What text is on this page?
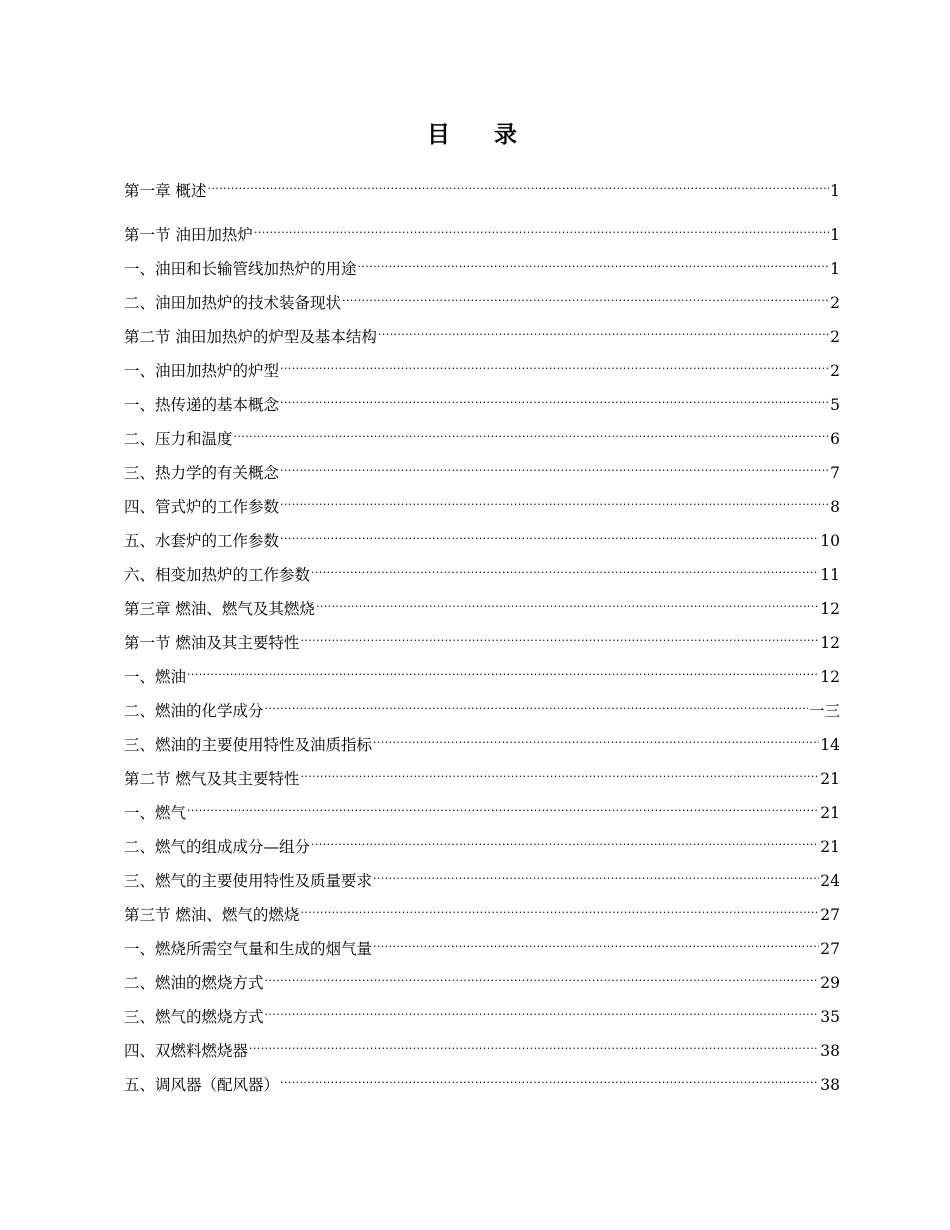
目 录
第一章 概述 .....	1
第一节 油田加热炉 .....	1
一、油田和长输管线加热炉的用途 .....	1
二、油田加热炉的技术装备现状 .....	2
第二节 油田加热炉的炉型及基本结构 .....	2
一、油田加热炉的炉型 .....	2
一、热传递的基本概念 .....	5
二、压力和温度 .....	6
三、热力学的有关概念 .....	7
四、管式炉的工作参数 .....	8
五、水套炉的工作参数 .....	10
六、相变加热炉的工作参数 .....	11
第三章 燃油、燃气及其燃烧 .....	12
第一节 燃油及其主要特性 .....	12
一、燃油 .....	12
二、燃油的化学成分 .....	一三
三、燃油的主要使用特性及油质指标 .....	14
第二节 燃气及其主要特性 .....	21
一、燃气 .....	21
二、燃气的组成成分—组分 .....	21
三、燃气的主要使用特性及质量要求 .....	24
第三节 燃油、燃气的燃烧 .....	27
一、燃烧所需空气量和生成的烟气量 .....	27
二、燃油的燃烧方式 .....	29
三、燃气的燃烧方式 .....	35
四、双燃料燃烧器 .....	38
五、调风器（配风器） .....	38
